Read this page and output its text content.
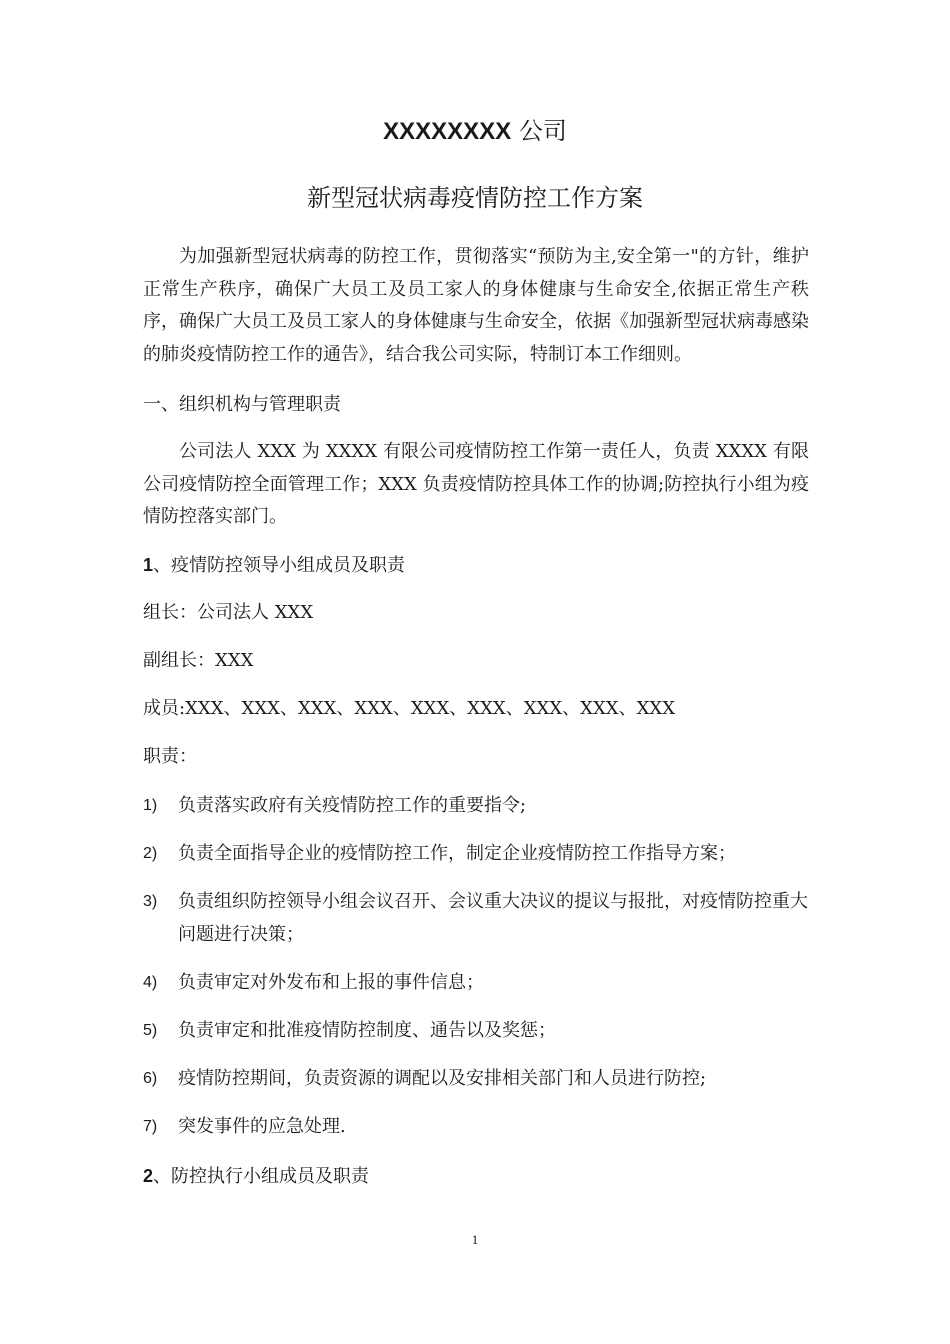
XXXXXXXX 公司
新型冠状病毒疫情防控工作方案
为加强新型冠状病毒的防控工作，贯彻落实“预防为主,安全第一"的方针，维护正常生产秩序，确保广大员工及员工家人的身体健康与生命安全,依据正常生产秩序，确保广大员工及员工家人的身体健康与生命安全，依据《加强新型冠状病毒感染的肺炎疫情防控工作的通告》，结合我公司实际，特制订本工作细则。
一、组织机构与管理职责
公司法人 XXX 为 XXXX 有限公司疫情防控工作第一责任人，负责 XXXX 有限公司疫情防控全面管理工作；XXX 负责疫情防控具体工作的协调;防控执行小组为疫情防控落实部门。
1、疫情防控领导小组成员及职责
组长：公司法人 XXX
副组长：XXX
成员:XXX、XXX、XXX、XXX、XXX、XXX、XXX、XXX、XXX
职责：
1)	负责落实政府有关疫情防控工作的重要指令;
2)	负责全面指导企业的疫情防控工作，制定企业疫情防控工作指导方案；
3)	负责组织防控领导小组会议召开、会议重大决议的提议与报批，对疫情防控重大问题进行决策；
4)	负责审定对外发布和上报的事件信息；
5)	负责审定和批准疫情防控制度、通告以及奖惩；
6)	疫情防控期间，负责资源的调配以及安排相关部门和人员进行防控;
7)	突发事件的应急处理.
2、防控执行小组成员及职责
1
